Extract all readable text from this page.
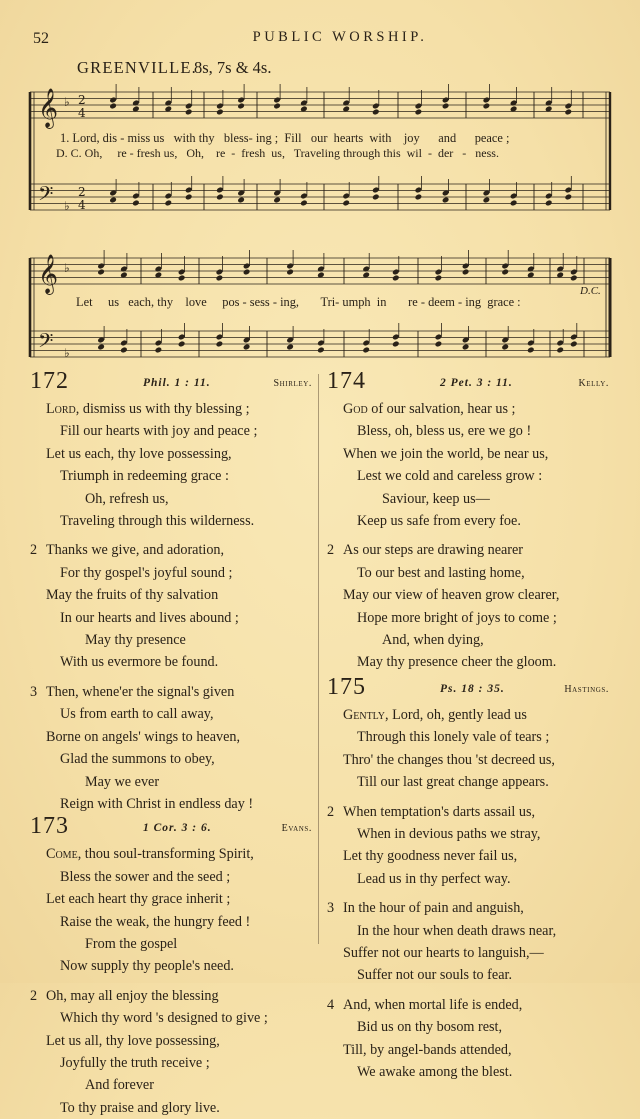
52	PUBLIC WORSHIP.
GREENVILLE.
8s, 7s & 4s.
𝄞
𝄢
♭
♭
2
4
2
4
1. Lord, dis - miss us   with thy   bless- ing ;  Fill   our  hearts  with    joy      and      peace ;
D. C. Oh,     re - fresh us,   Oh,    re  -  fresh  us,   Traveling through this  wil  -  der   -   ness.
𝄞
𝄢
♭
♭
Let     us   each, thy    love     pos - sess - ing,       Tri- umph  in       re - deem - ing  grace :
D.C.
172	Phil. 1 : 11.	Shirley.
Lord, dismiss us with thy blessing ;
Fill our hearts with joy and peace ;
Let us each, thy love possessing,
Triumph in redeeming grace :
Oh, refresh us,
Traveling through this wilderness.
2 Thanks we give, and adoration,
For thy gospel's joyful sound ;
May the fruits of thy salvation
In our hearts and lives abound ;
May thy presence
With us evermore be found.
3 Then, whene'er the signal's given
Us from earth to call away,
Borne on angels' wings to heaven,
Glad the summons to obey,
May we ever
Reign with Christ in endless day !
173	1 Cor. 3 : 6.	Evans.
Come, thou soul-transforming Spirit,
Bless the sower and the seed ;
Let each heart thy grace inherit ;
Raise the weak, the hungry feed !
From the gospel
Now supply thy people's need.
2 Oh, may all enjoy the blessing
Which thy word 's designed to give ;
Let us all, thy love possessing,
Joyfully the truth receive ;
And forever
To thy praise and glory live.
174	2 Pet. 3 : 11.	Kelly.
God of our salvation, hear us ;
Bless, oh, bless us, ere we go !
When we join the world, be near us,
Lest we cold and careless grow :
Saviour, keep us—
Keep us safe from every foe.
2 As our steps are drawing nearer
To our best and lasting home,
May our view of heaven grow clearer,
Hope more bright of joys to come ;
And, when dying,
May thy presence cheer the gloom.
175	Ps. 18 : 35.	Hastings.
Gently, Lord, oh, gently lead us
Through this lonely vale of tears ;
Thro' the changes thou 'st decreed us,
Till our last great change appears.
2 When temptation's darts assail us,
When in devious paths we stray,
Let thy goodness never fail us,
Lead us in thy perfect way.
3 In the hour of pain and anguish,
In the hour when death draws near,
Suffer not our hearts to languish,—
Suffer not our souls to fear.
4 And, when mortal life is ended,
Bid us on thy bosom rest,
Till, by angel-bands attended,
We awake among the blest.
